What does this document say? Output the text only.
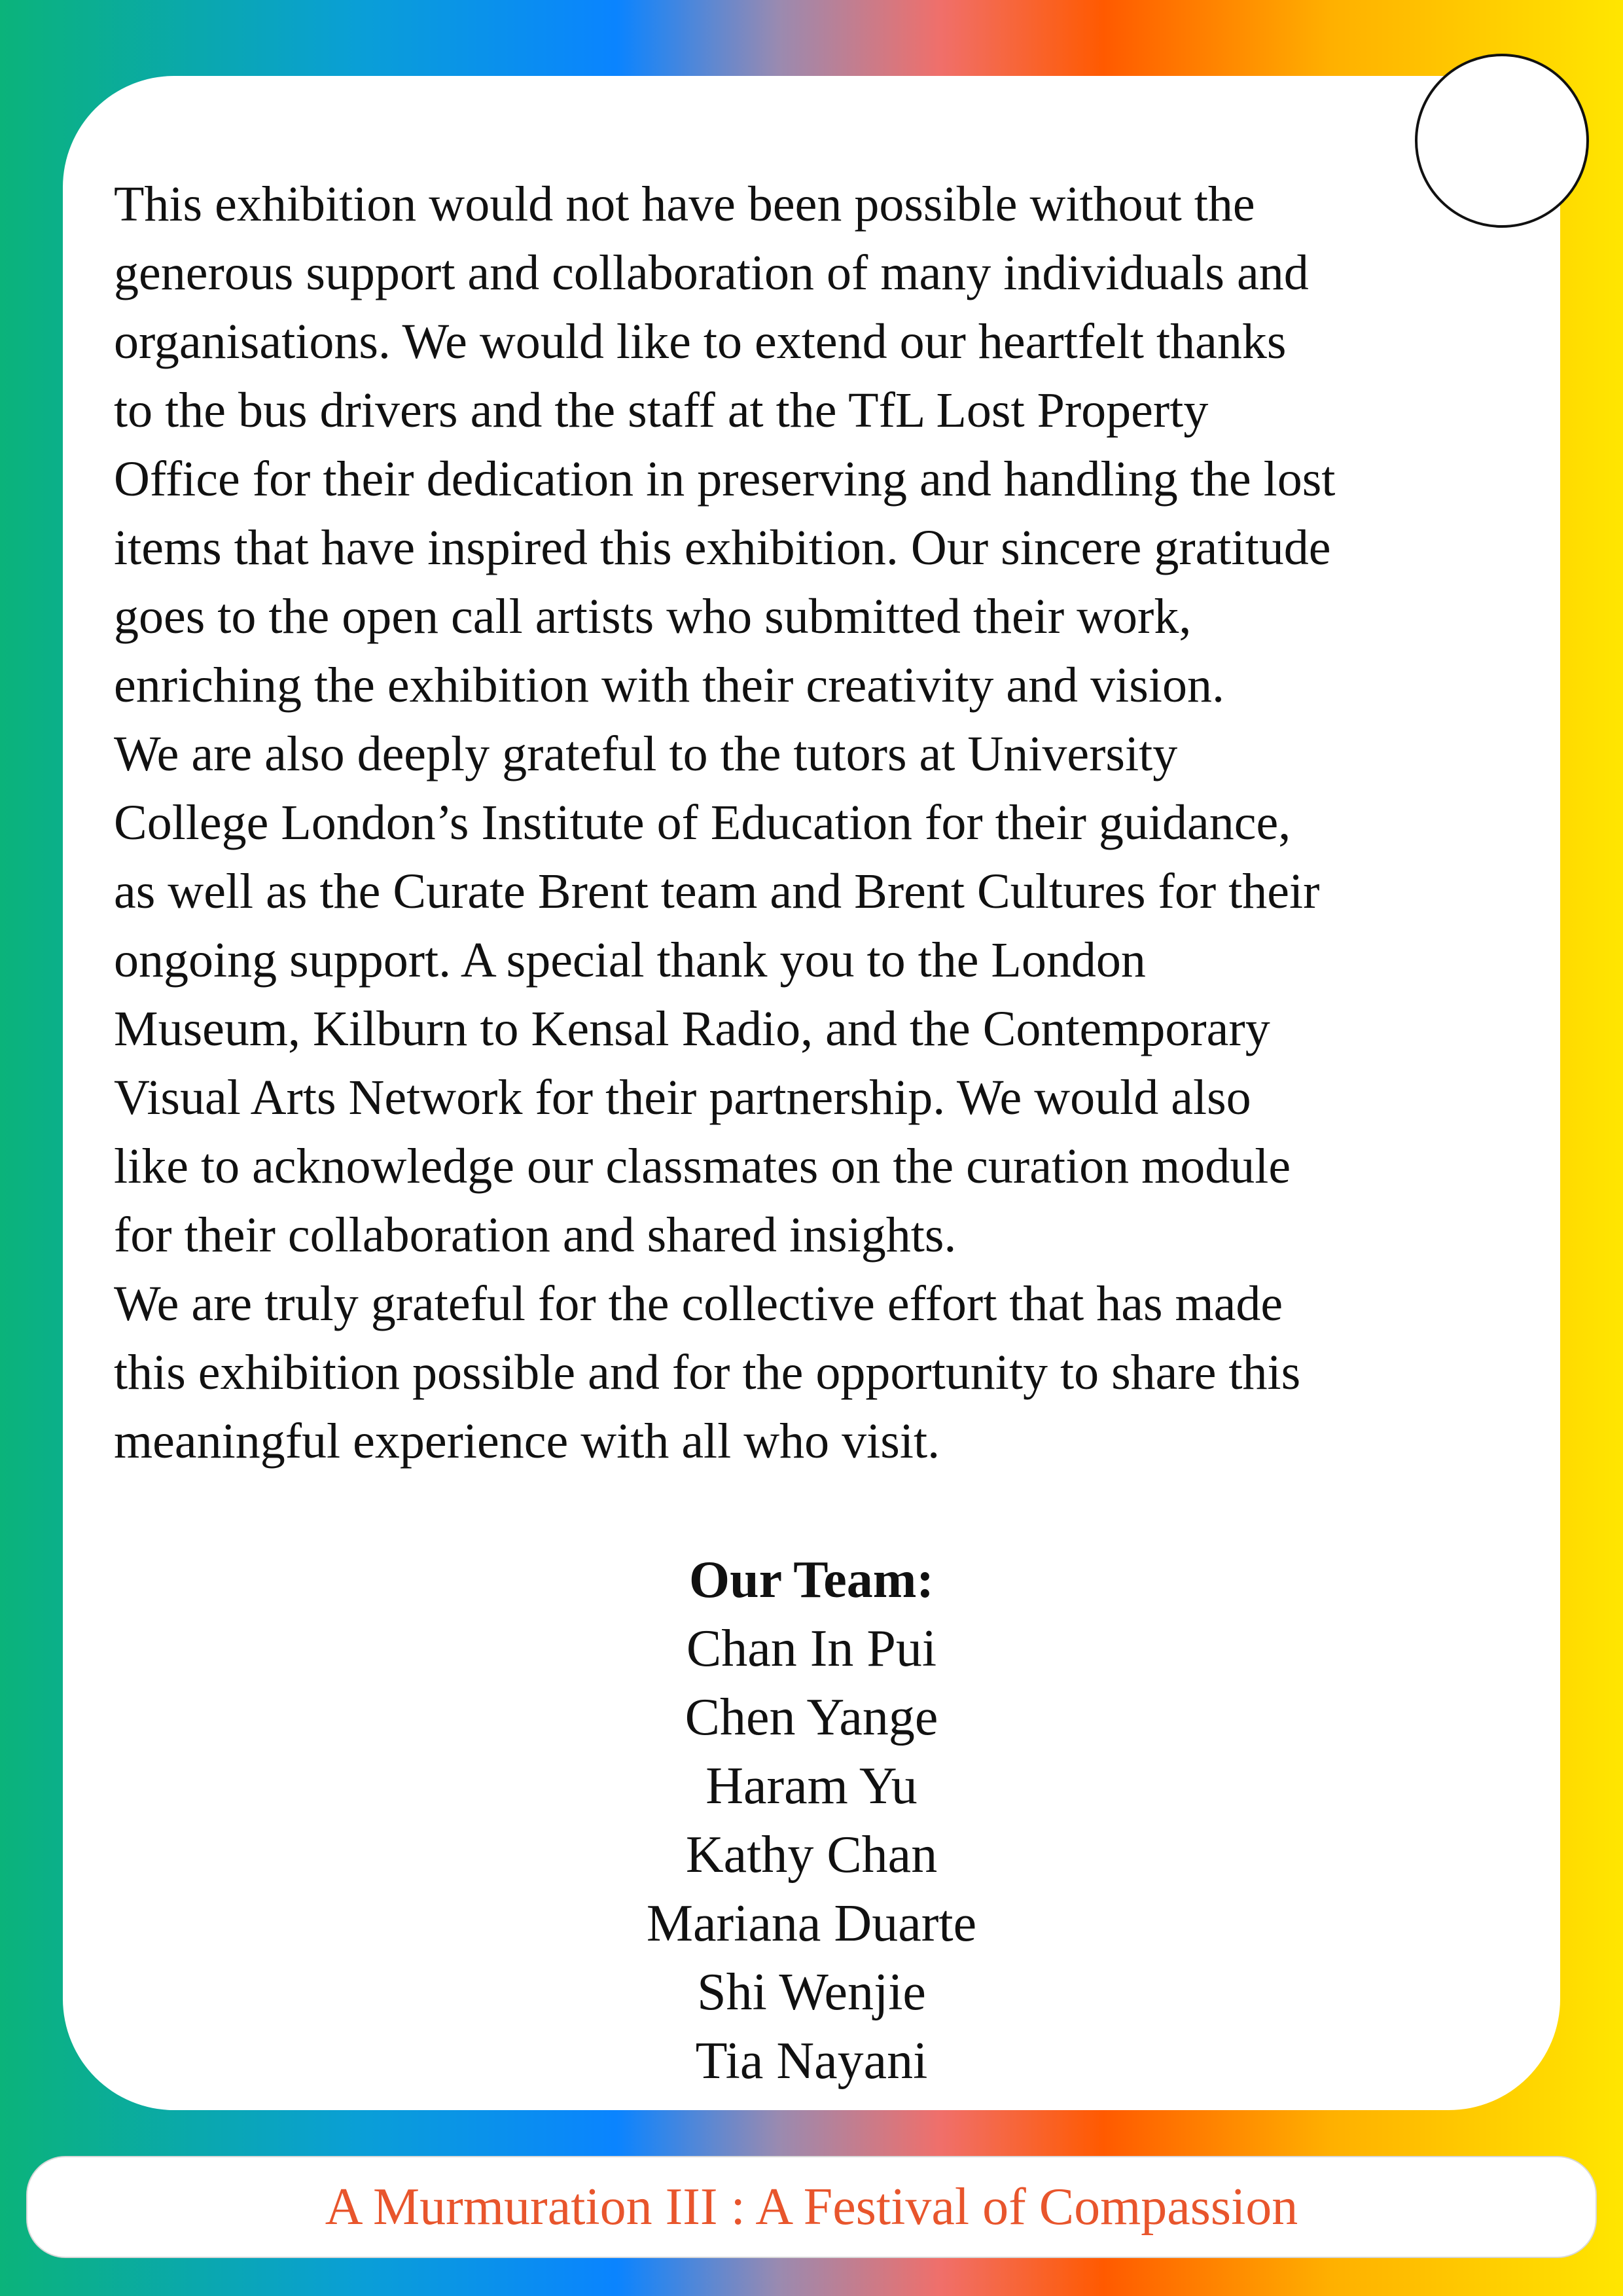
This exhibition would not have been possible without the
generous support and collaboration of many individuals and
organisations. We would like to extend our heartfelt thanks
to the bus drivers and the staff at the TfL Lost Property
Office for their dedication in preserving and handling the lost
items that have inspired this exhibition. Our sincere gratitude
goes to the open call artists who submitted their work,
enriching the exhibition with their creativity and vision.
We are also deeply grateful to the tutors at University
College London’s Institute of Education for their guidance,
as well as the Curate Brent team and Brent Cultures for their
ongoing support. A special thank you to the London
Museum, Kilburn to Kensal Radio, and the Contemporary
Visual Arts Network for their partnership. We would also
like to acknowledge our classmates on the curation module
for their collaboration and shared insights.
We are truly grateful for the collective effort that has made
this exhibition possible and for the opportunity to share this
meaningful experience with all who visit.
Our Team:
Chan In Pui
Chen Yange
Haram Yu
Kathy Chan
Mariana Duarte
Shi Wenjie
Tia Nayani
A Murmuration III : A Festival of Compassion
